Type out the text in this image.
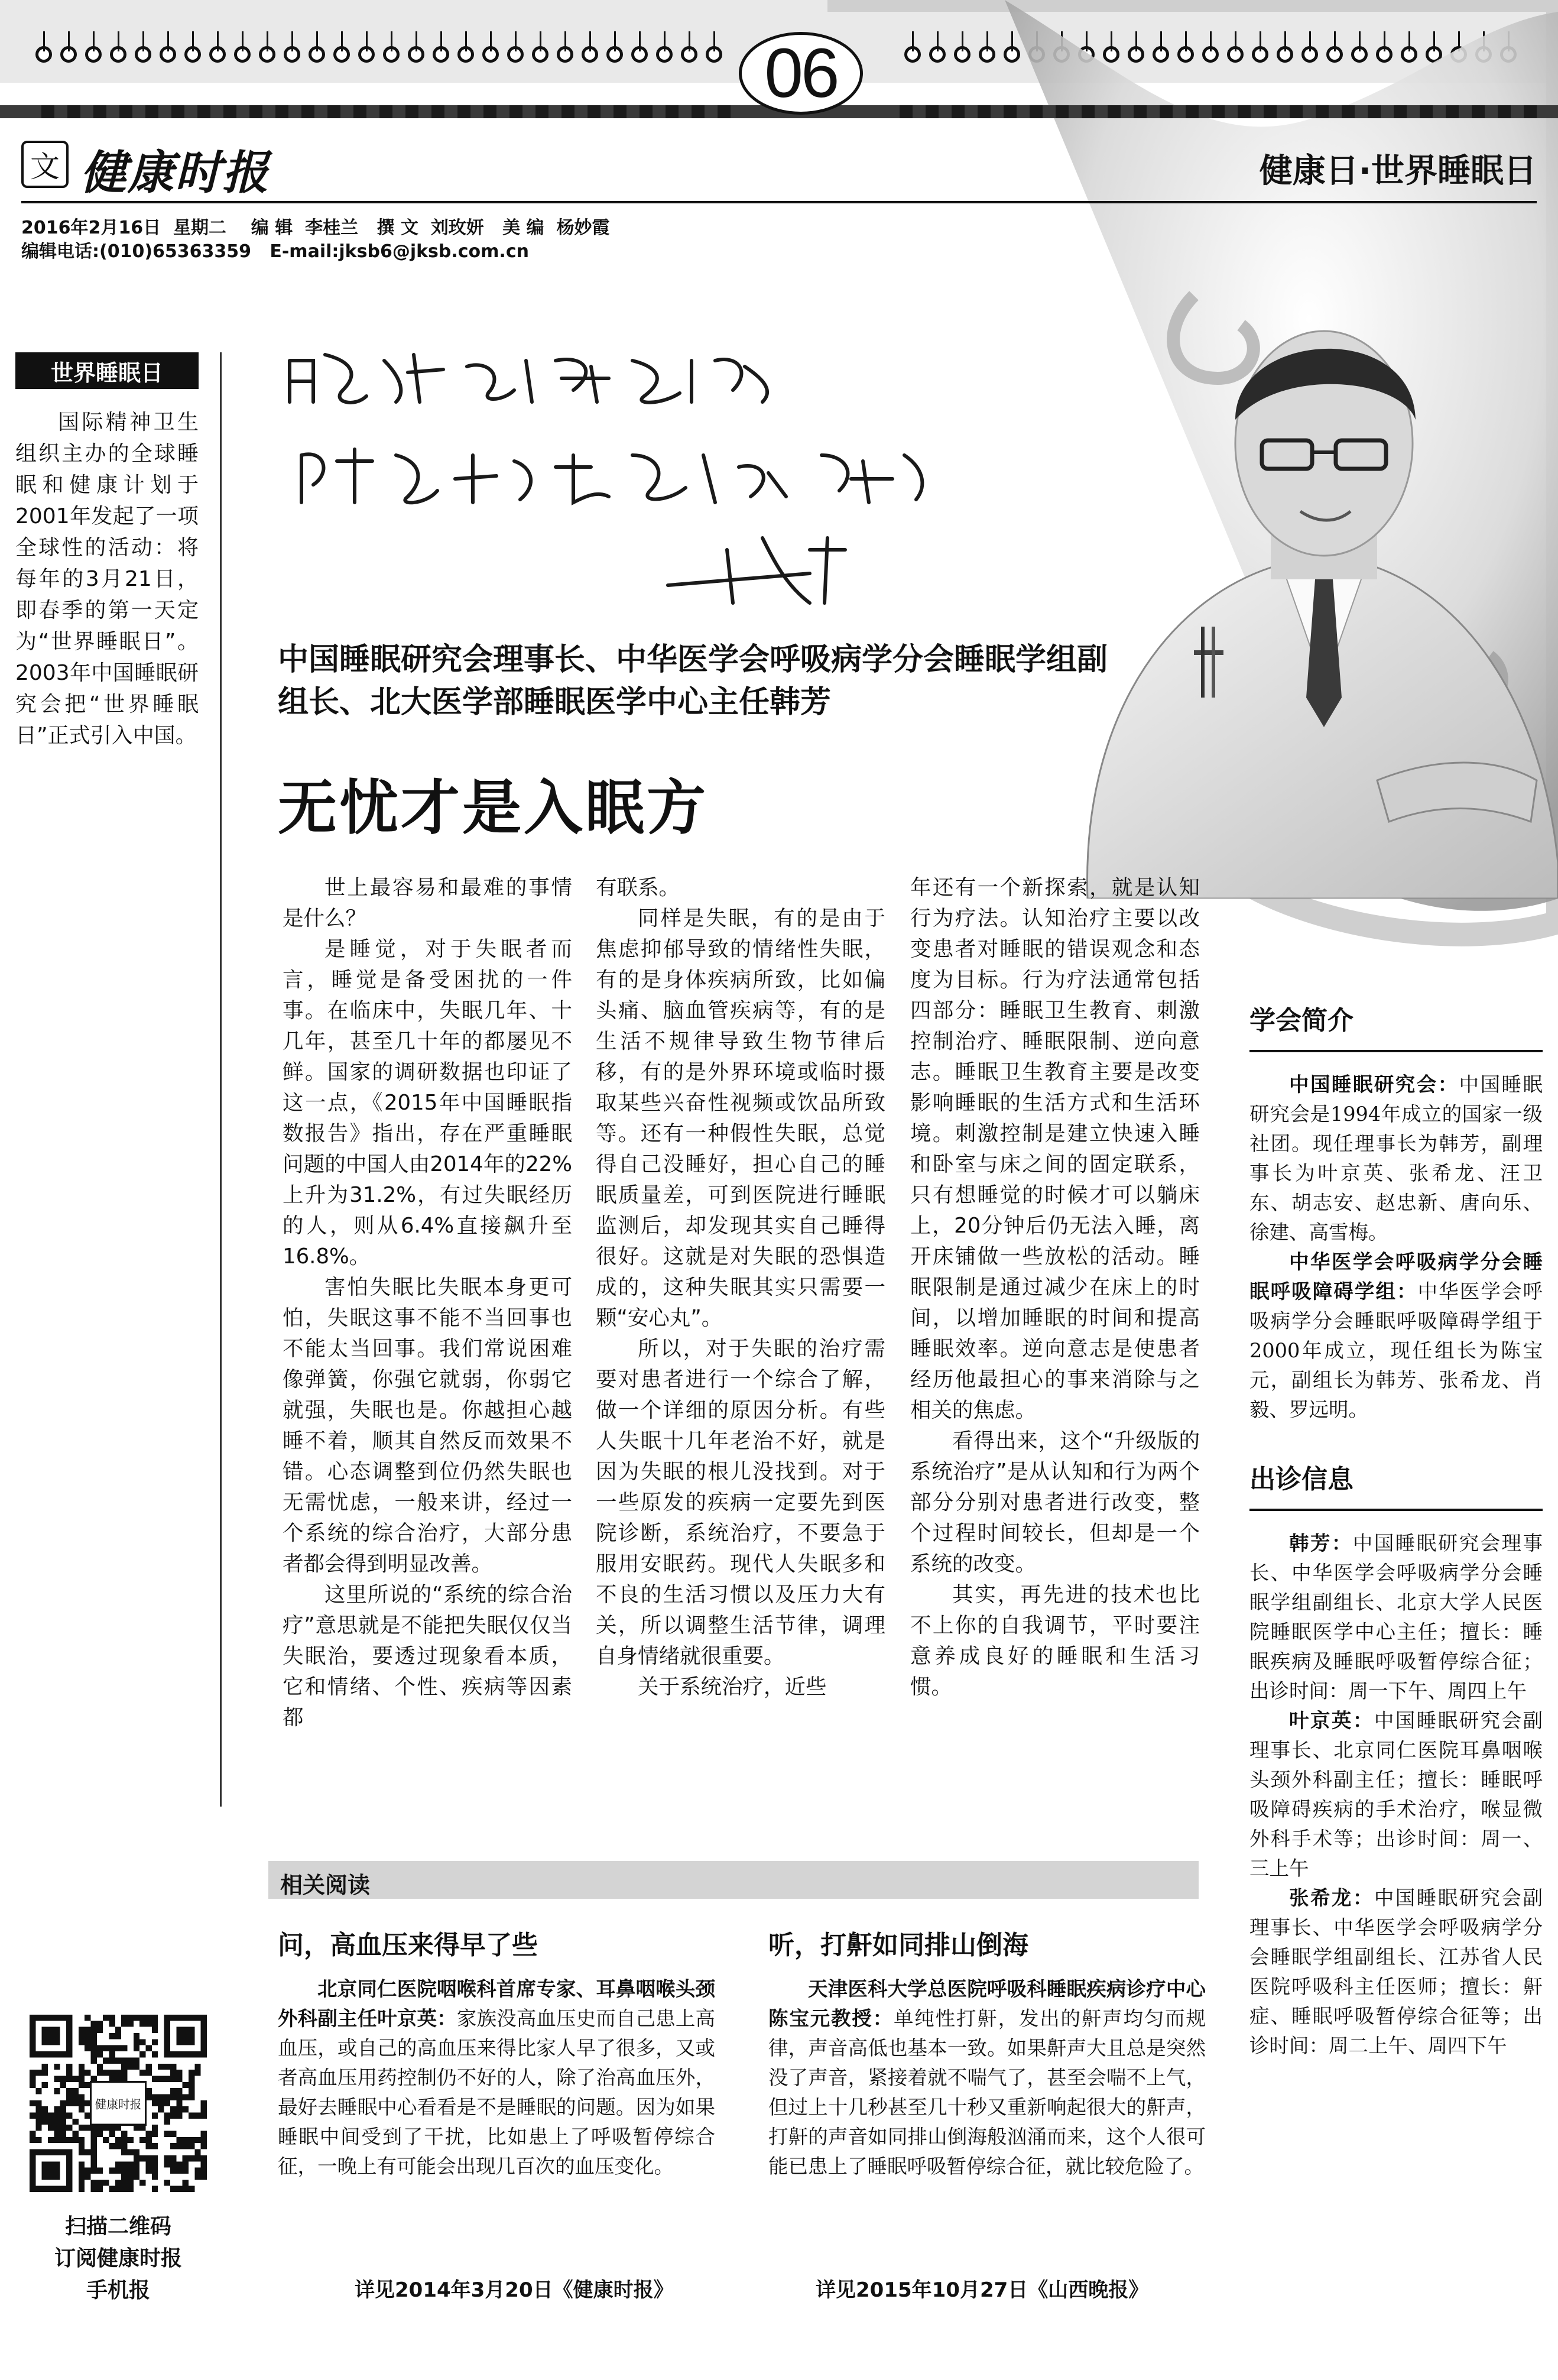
06
文 健康时报	健康日·世界睡眠日
2016年2月16日  星期二    编 辑  李桂兰   撰 文  刘玫妍   美 编  杨妙霞
编辑电话:(010)65363359   E-mail:jksb6@jksb.com.cn
世界睡眠日
国际精神卫生组织主办的全球睡眠和健康计划于2001年发起了一项全球性的活动：将每年的3月21日，即春季的第一天定为“世界睡眠日”。2003年中国睡眠研究会把“世界睡眠日”正式引入中国。
中国睡眠研究会理事长、中华医学会呼吸病学分会睡眠学组副组长、北大医学部睡眠医学中心主任韩芳
无忧才是入眠方

世上最容易和最难的事情是什么？

是睡觉，对于失眠者而言，睡觉是备受困扰的一件事。在临床中，失眠几年、十几年，甚至几十年的都屡见不鲜。国家的调研数据也印证了这一点，《2015年中国睡眠指数报告》指出，存在严重睡眠问题的中国人由2014年的22%上升为31.2%，有过失眠经历的人，则从6.4%直接飙升至16.8%。

害怕失眠比失眠本身更可怕，失眠这事不能不当回事也不能太当回事。我们常说困难像弹簧，你强它就弱，你弱它就强，失眠也是。你越担心越睡不着，顺其自然反而效果不错。心态调整到位仍然失眠也无需忧虑，一般来讲，经过一个系统的综合治疗，大部分患者都会得到明显改善。

这里所说的“系统的综合治疗”意思就是不能把失眠仅仅当失眠治，要透过现象看本质，它和情绪、个性、疾病等因素都

有联系。

同样是失眠，有的是由于焦虑抑郁导致的情绪性失眠，有的是身体疾病所致，比如偏头痛、脑血管疾病等，有的是生活不规律导致生物节律后移，有的是外界环境或临时摄取某些兴奋性视频或饮品所致等。还有一种假性失眠，总觉得自己没睡好，担心自己的睡眠质量差，可到医院进行睡眠监测后，却发现其实自己睡得很好。这就是对失眠的恐惧造成的，这种失眠其实只需要一颗“安心丸”。

所以，对于失眠的治疗需要对患者进行一个综合了解，做一个详细的原因分析。有些人失眠十几年老治不好，就是因为失眠的根儿没找到。对于一些原发的疾病一定要先到医院诊断，系统治疗，不要急于服用安眠药。现代人失眠多和不良的生活习惯以及压力大有关，所以调整生活节律，调理自身情绪就很重要。

关于系统治疗，近些

年还有一个新探索，就是认知行为疗法。认知治疗主要以改变患者对睡眠的错误观念和态度为目标。行为疗法通常包括四部分：睡眠卫生教育、刺激控制治疗、睡眠限制、逆向意志。睡眠卫生教育主要是改变影响睡眠的生活方式和生活环境。刺激控制是建立快速入睡和卧室与床之间的固定联系，只有想睡觉的时候才可以躺床上，20分钟后仍无法入睡，离开床铺做一些放松的活动。睡眠限制是通过减少在床上的时间，以增加睡眠的时间和提高睡眠效率。逆向意志是使患者经历他最担心的事来消除与之相关的焦虑。

看得出来，这个“升级版的系统治疗”是从认知和行为两个部分分别对患者进行改变，整个过程时间较长，但却是一个系统的改变。

其实，再先进的技术也比不上你的自我调节，平时要注意养成良好的睡眠和生活习惯。

学会简介

中国睡眠研究会：中国睡眠研究会是1994年成立的国家一级社团。现任理事长为韩芳，副理事长为叶京英、张希龙、汪卫东、胡志安、赵忠新、唐向乐、徐建、高雪梅。

中华医学会呼吸病学分会睡眠呼吸障碍学组：中华医学会呼吸病学分会睡眠呼吸障碍学组于2000年成立，现任组长为陈宝元，副组长为韩芳、张希龙、肖毅、罗远明。

出诊信息

韩芳：中国睡眠研究会理事长、中华医学会呼吸病学分会睡眠学组副组长、北京大学人民医院睡眠医学中心主任；擅长：睡眠疾病及睡眠呼吸暂停综合征；出诊时间：周一下午、周四上午

叶京英：中国睡眠研究会副理事长、北京同仁医院耳鼻咽喉头颈外科副主任；擅长：睡眠呼吸障碍疾病的手术治疗，喉显微外科手术等；出诊时间：周一、三上午

张希龙：中国睡眠研究会副理事长、中华医学会呼吸病学分会睡眠学组副组长、江苏省人民医院呼吸科主任医师；擅长：鼾症、睡眠呼吸暂停综合征等；出诊时间：周二上午、周四下午

相关阅读
问，高血压来得早了些	听，打鼾如同排山倒海
北京同仁医院咽喉科首席专家、耳鼻咽喉头颈外科副主任叶京英：家族没高血压史而自己患上高血压，或自己的高血压来得比家人早了很多，又或者高血压用药控制仍不好的人，除了治高血压外，最好去睡眠中心看看是不是睡眠的问题。因为如果睡眠中间受到了干扰，比如患上了呼吸暂停综合征，一晚上有可能会出现几百次的血压变化。
天津医科大学总医院呼吸科睡眠疾病诊疗中心陈宝元教授：单纯性打鼾，发出的鼾声均匀而规律，声音高低也基本一致。如果鼾声大且总是突然没了声音，紧接着就不喘气了，甚至会喘不上气，但过上十几秒甚至几十秒又重新响起很大的鼾声，打鼾的声音如同排山倒海般汹涌而来，这个人很可能已患上了睡眠呼吸暂停综合征，就比较危险了。
详见2014年3月20日《健康时报》	详见2015年10月27日《山西晚报》
健康时报
扫描二维码
订阅健康时报
手机报
